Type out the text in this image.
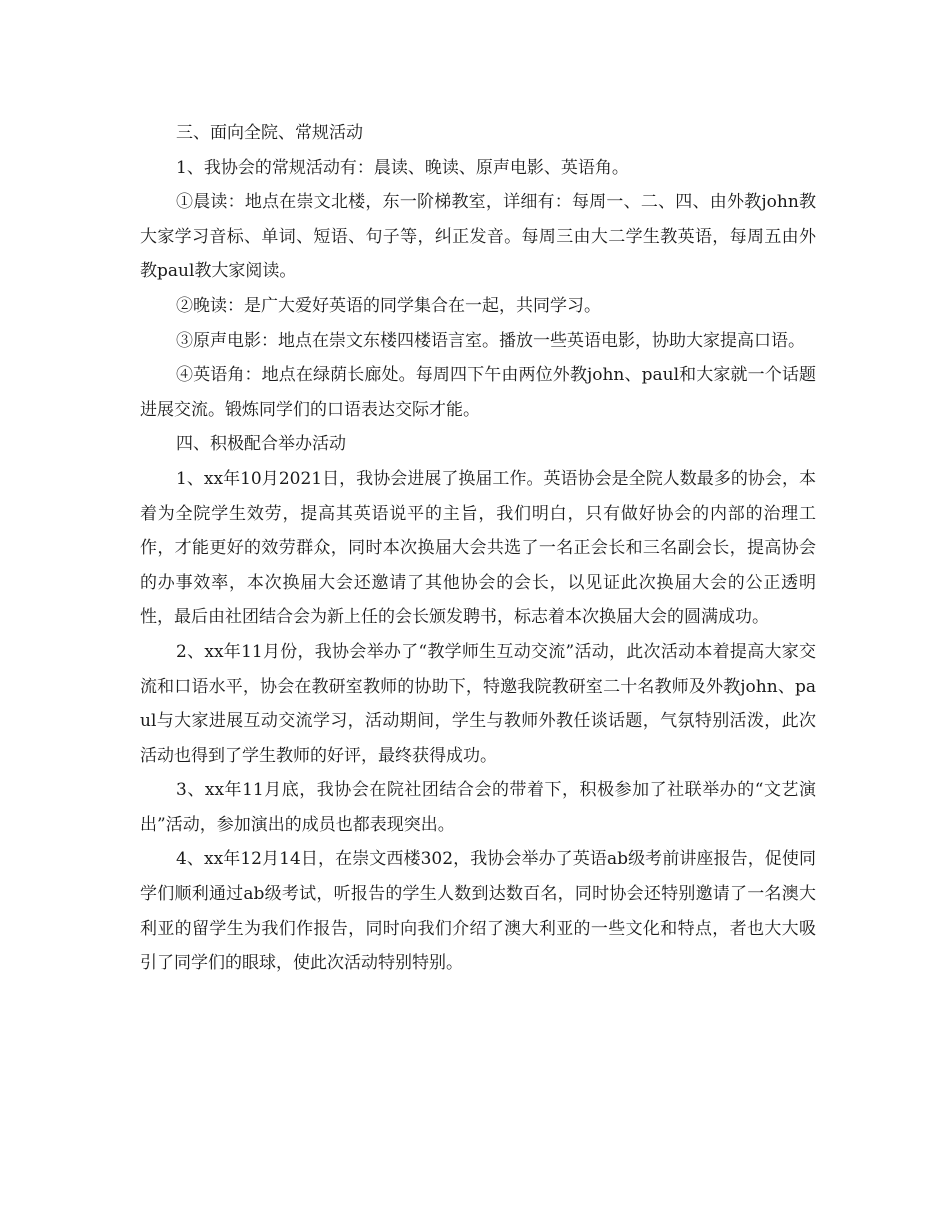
三、面向全院、常规活动

1、我协会的常规活动有：晨读、晚读、原声电影、英语角。

①晨读：地点在崇文北楼，东一阶梯教室，详细有：每周一、二、四、由外教john教大家学习音标、单词、短语、句子等，纠正发音。每周三由大二学生教英语，每周五由外教paul教大家阅读。

②晚读：是广大爱好英语的同学集合在一起，共同学习。

③原声电影：地点在崇文东楼四楼语言室。播放一些英语电影，协助大家提高口语。

④英语角：地点在绿荫长廊处。每周四下午由两位外教john、paul和大家就一个话题进展交流。锻炼同学们的口语表达交际才能。

四、积极配合举办活动

1、xx年10月2021日，我协会进展了换届工作。英语协会是全院人数最多的协会，本着为全院学生效劳，提高其英语说平的主旨，我们明白，只有做好协会的内部的治理工作，才能更好的效劳群众，同时本次换届大会共选了一名正会长和三名副会长，提高协会的办事效率，本次换届大会还邀请了其他协会的会长，以见证此次换届大会的公正透明性，最后由社团结合会为新上任的会长颁发聘书，标志着本次换届大会的圆满成功。

2、xx年11月份，我协会举办了“教学师生互动交流”活动，此次活动本着提高大家交流和口语水平，协会在教研室教师的协助下，特邀我院教研室二十名教师及外教john、paul与大家进展互动交流学习，活动期间，学生与教师外教任谈话题，气氛特别活泼，此次活动也得到了学生教师的好评，最终获得成功。

3、xx年11月底，我协会在院社团结合会的带着下，积极参加了社联举办的“文艺演出”活动，参加演出的成员也都表现突出。

4、xx年12月14日，在崇文西楼302，我协会举办了英语ab级考前讲座报告，促使同学们顺利通过ab级考试，听报告的学生人数到达数百名，同时协会还特别邀请了一名澳大利亚的留学生为我们作报告，同时向我们介绍了澳大利亚的一些文化和特点，者也大大吸引了同学们的眼球，使此次活动特别特别。
